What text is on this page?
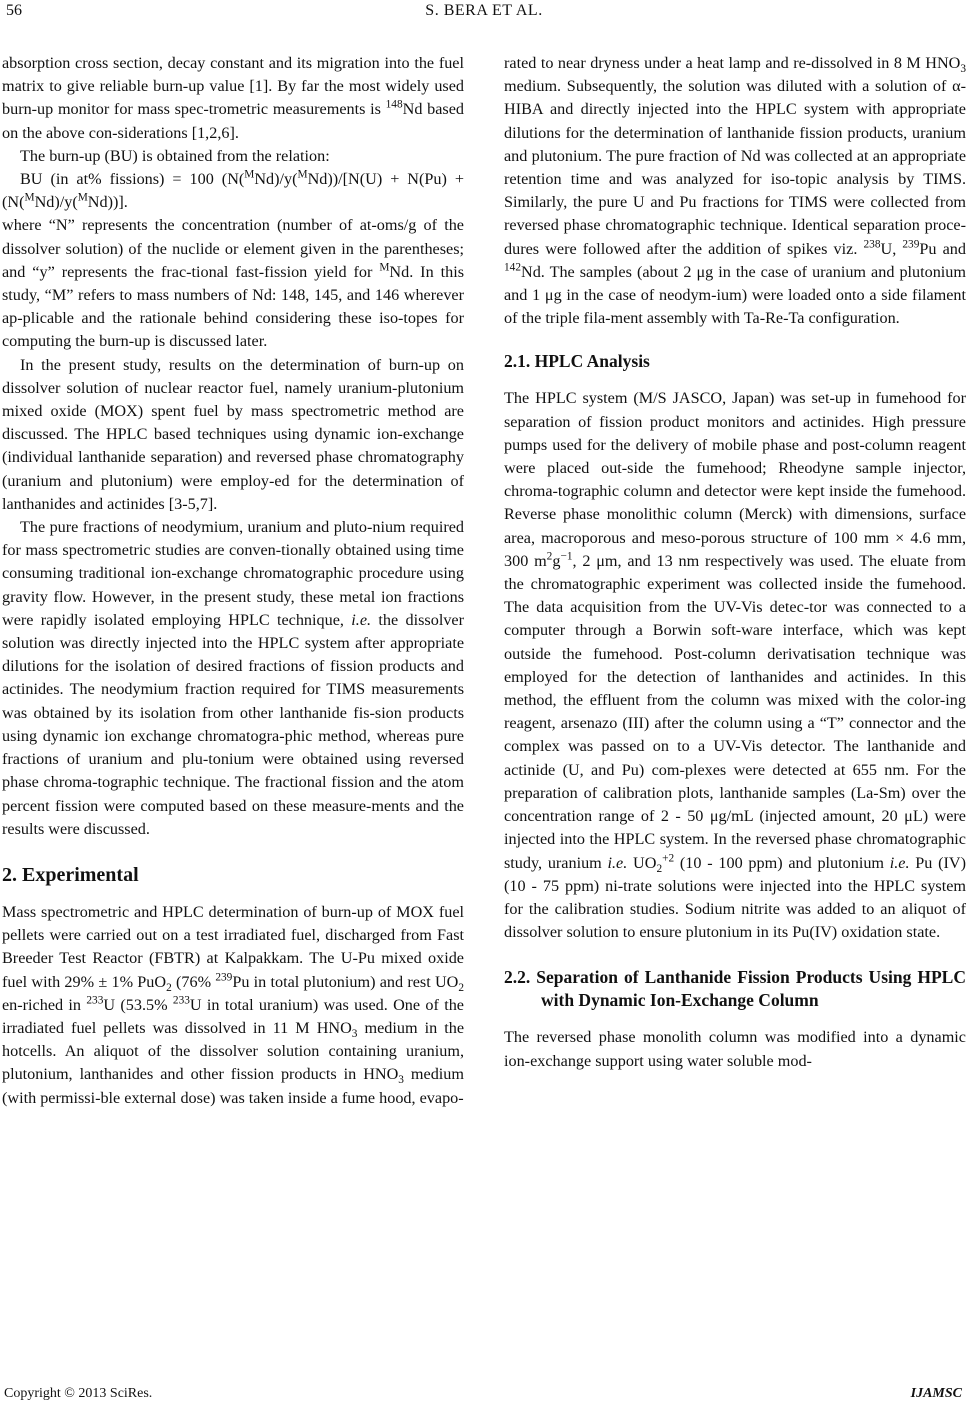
56	S. BERA ET AL.

absorption cross section, decay constant and its migration into the fuel matrix to give reliable burn-up value [1]. By far the most widely used burn-up monitor for mass spec-trometric measurements is $^{148}$Nd based on the above con-siderations [1,2,6].

The burn-up (BU) is obtained from the relation:

BU (in at% fissions) = 100 (N($^M$Nd)/y($^M$Nd))/[N(U) + N(Pu) + (N($^M$Nd)/y($^M$Nd))].

where “N” represents the concentration (number of at-oms/g of the dissolver solution) of the nuclide or element given in the parentheses; and “y” represents the frac-tional fast-fission yield for $^M$Nd. In this study, “M” refers to mass numbers of Nd: 148, 145, and 146 wherever ap-plicable and the rationale behind considering these iso-topes for computing the burn-up is discussed later.

In the present study, results on the determination of burn-up on dissolver solution of nuclear reactor fuel, namely uranium-plutonium mixed oxide (MOX) spent fuel by mass spectrometric method are discussed. The HPLC based techniques using dynamic ion-exchange (individual lanthanide separation) and reversed phase chromatography (uranium and plutonium) were employ-ed for the determination of lanthanides and actinides [3-5,7].

The pure fractions of neodymium, uranium and pluto-nium required for mass spectrometric studies are conven-tionally obtained using time consuming traditional ion-exchange chromatographic procedure using gravity flow. However, in the present study, these metal ion fractions were rapidly isolated employing HPLC technique, i.e. the dissolver solution was directly injected into the HPLC system after appropriate dilutions for the isolation of desired fractions of fission products and actinides. The neodymium fraction required for TIMS measurements was obtained by its isolation from other lanthanide fis-sion products using dynamic ion exchange chromatogra-phic method, whereas pure fractions of uranium and plu-tonium were obtained using reversed phase chroma-tographic technique. The fractional fission and the atom percent fission were computed based on these measure-ments and the results were discussed.

2. Experimental

Mass spectrometric and HPLC determination of burn-up of MOX fuel pellets were carried out on a test irradiated fuel, discharged from Fast Breeder Test Reactor (FBTR) at Kalpakkam. The U-Pu mixed oxide fuel with 29% ± 1% PuO$_2$ (76% $^{239}$Pu in total plutonium) and rest $UO_2$ en-riched in $^{233}$U (53.5% $^{233}$U in total uranium) was used. One of the irradiated fuel pellets was dissolved in 11 M $HNO_3$ medium in the hotcells. An aliquot of the dissolver solution containing uranium, plutonium, lanthanides and other fission products in $HNO_3$ medium (with permissi-ble external dose) was taken inside a fume hood, evapo-

rated to near dryness under a heat lamp and re-dissolved in 8 M $HNO_3$ medium. Subsequently, the solution was diluted with a solution of α-HIBA and directly injected into the HPLC system with appropriate dilutions for the determination of lanthanide fission products, uranium and plutonium. The pure fraction of Nd was collected at an appropriate retention time and was analyzed for iso-topic analysis by TIMS. Similarly, the pure U and Pu fractions for TIMS were collected from reversed phase chromatographic technique. Identical separation proce-dures were followed after the addition of spikes viz. $^{238}$U, $^{239}$Pu and $^{142}$Nd. The samples (about 2 μg in the case of uranium and plutonium and 1 μg in the case of neodym-ium) were loaded onto a side filament of the triple fila-ment assembly with Ta-Re-Ta configuration.

2.1. HPLC Analysis

The HPLC system (M/S JASCO, Japan) was set-up in fumehood for separation of fission product monitors and actinides. High pressure pumps used for the delivery of mobile phase and post-column reagent were placed out-side the fumehood; Rheodyne sample injector, chroma-tographic column and detector were kept inside the fumehood. Reverse phase monolithic column (Merck) with dimensions, surface area, macroporous and meso-porous structure of 100 mm × 4.6 mm, 300 $m^2g^{-1}$, 2 μm, and 13 nm respectively was used. The eluate from the chromatographic experiment was collected inside the fumehood. The data acquisition from the UV-Vis detec-tor was connected to a computer through a Borwin soft-ware interface, which was kept outside the fumehood. Post-column derivatisation technique was employed for the detection of lanthanides and actinides. In this method, the effluent from the column was mixed with the color-ing reagent, arsenazo (III) after the column using a “T” connector and the complex was passed on to a UV-Vis detector. The lanthanide and actinide (U, and Pu) com-plexes were detected at 655 nm. For the preparation of calibration plots, lanthanide samples (La-Sm) over the concentration range of 2 - 50 μg/mL (injected amount, 20 μL) were injected into the HPLC system. In the reversed phase chromatographic study, uranium i.e. $UO_2^{+2}$ (10 - 100 ppm) and plutonium i.e. Pu (IV) (10 - 75 ppm) ni-trate solutions were injected into the HPLC system for the calibration studies. Sodium nitrite was added to an aliquot of dissolver solution to ensure plutonium in its Pu(IV) oxidation state.

2.2. Separation of Lanthanide Fission Products Using HPLC with Dynamic Ion-Exchange Column

The reversed phase monolith column was modified into a dynamic ion-exchange support using water soluble mod-

Copyright © 2013 SciRes.	IJAMSC
